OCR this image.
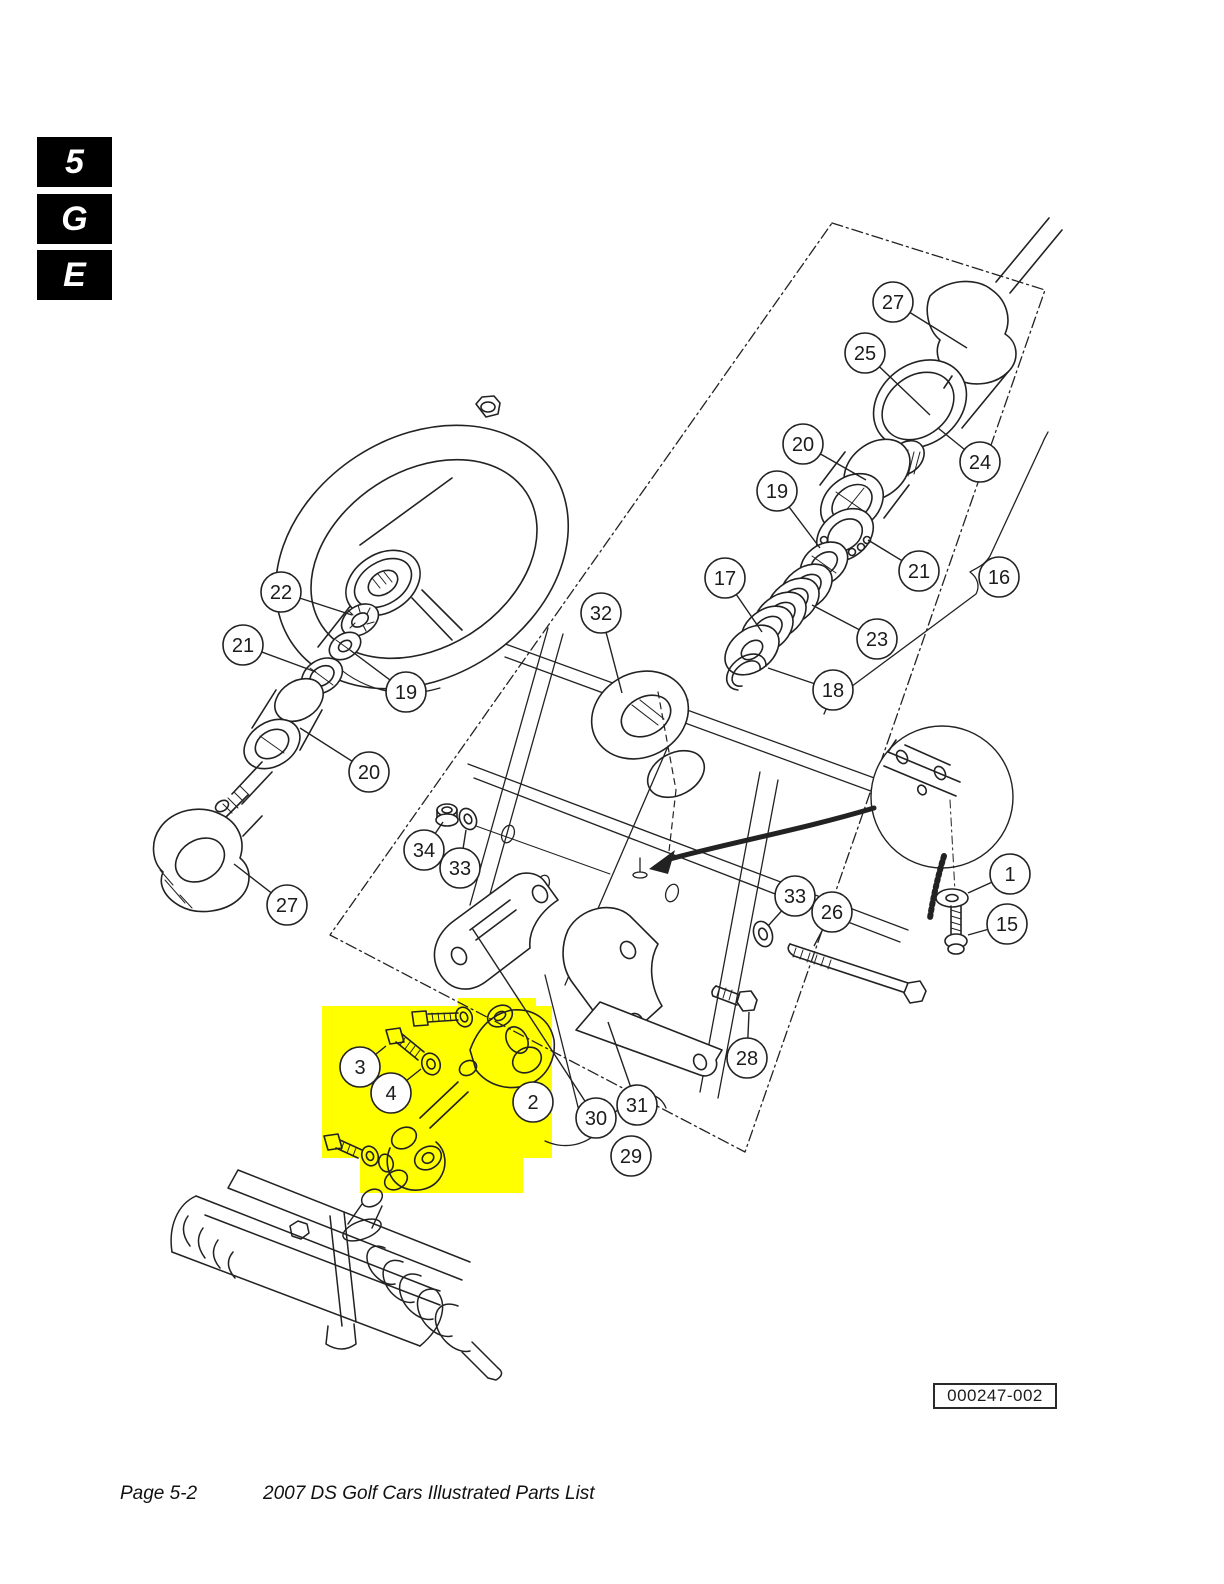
5
G
E
27
25
24
20
19
21	16
17
23
18
32
22
21
19
20
27
34
33
33
26
28
1
15
3
4	2
30
31
29
000247-002
Page 5-2	2007 DS Golf Cars Illustrated Parts List
